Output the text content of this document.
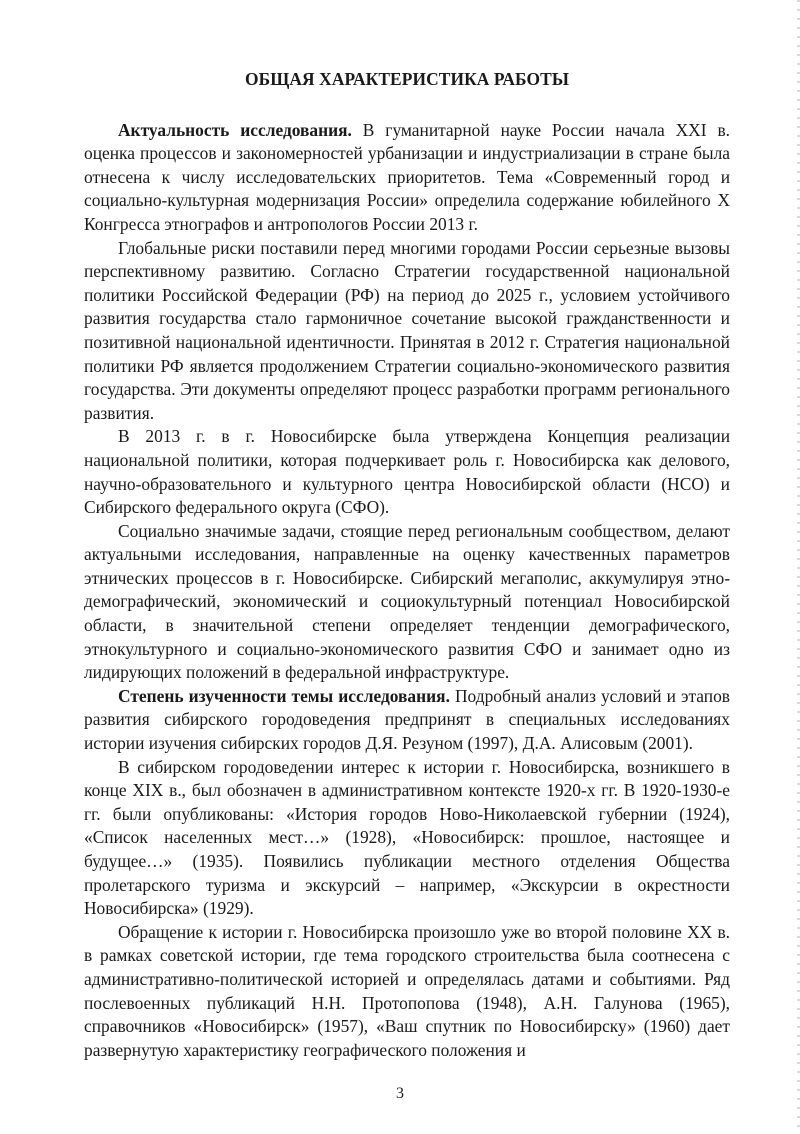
ОБЩАЯ ХАРАКТЕРИСТИКА РАБОТЫ

Актуальность исследования. В гуманитарной науке России начала XXI в. оценка процессов и закономерностей урбанизации и индустриализации в стране была отнесена к числу исследовательских приоритетов. Тема «Современный город и социально-культурная модернизация России» определила содержание юбилейного X Конгресса этнографов и антропологов России 2013 г.

Глобальные риски поставили перед многими городами России серьезные вызовы перспективному развитию. Согласно Стратегии государственной национальной политики Российской Федерации (РФ) на период до 2025 г., условием устойчивого развития государства стало гармоничное сочетание высокой гражданственности и позитивной национальной идентичности. Принятая в 2012 г. Стратегия национальной политики РФ является продолжением Стратегии социально-экономического развития государства. Эти документы определяют процесс разработки программ регионального развития.

В 2013 г. в г. Новосибирске была утверждена Концепция реализации национальной политики, которая подчеркивает роль г. Новосибирска как делового, научно-образовательного и культурного центра Новосибирской области (НСО) и Сибирского федерального округа (СФО).

Социально значимые задачи, стоящие перед региональным сообществом, делают актуальными исследования, направленные на оценку качественных параметров этнических процессов в г. Новосибирске. Сибирский мегаполис, аккумулируя этно-демографический, экономический и социокультурный потенциал Новосибирской области, в значительной степени определяет тенденции демографического, этнокультурного и социально-экономического развития СФО и занимает одно из лидирующих положений в федеральной инфраструктуре.

Степень изученности темы исследования. Подробный анализ условий и этапов развития сибирского городоведения предпринят в специальных исследованиях истории изучения сибирских городов Д.Я. Резуном (1997), Д.А. Алисовым (2001).

В сибирском городоведении интерес к истории г. Новосибирска, возникшего в конце XIX в., был обозначен в административном контексте 1920-х гг. В 1920-1930-е гг. были опубликованы: «История городов Ново-Николаевской губернии (1924), «Список населенных мест…» (1928), «Новосибирск: прошлое, настоящее и будущее…» (1935). Появились публикации местного отделения Общества пролетарского туризма и экскурсий – например, «Экскурсии в окрестности Новосибирска» (1929).

Обращение к истории г. Новосибирска произошло уже во второй половине XX в. в рамках советской истории, где тема городского строительства была соотнесена с административно-политической историей и определялась датами и событиями. Ряд послевоенных публикаций Н.Н. Протопопова (1948), А.Н. Галунова (1965), справочников «Новосибирск» (1957), «Ваш спутник по Новосибирску» (1960) дает развернутую характеристику географического положения и

3
